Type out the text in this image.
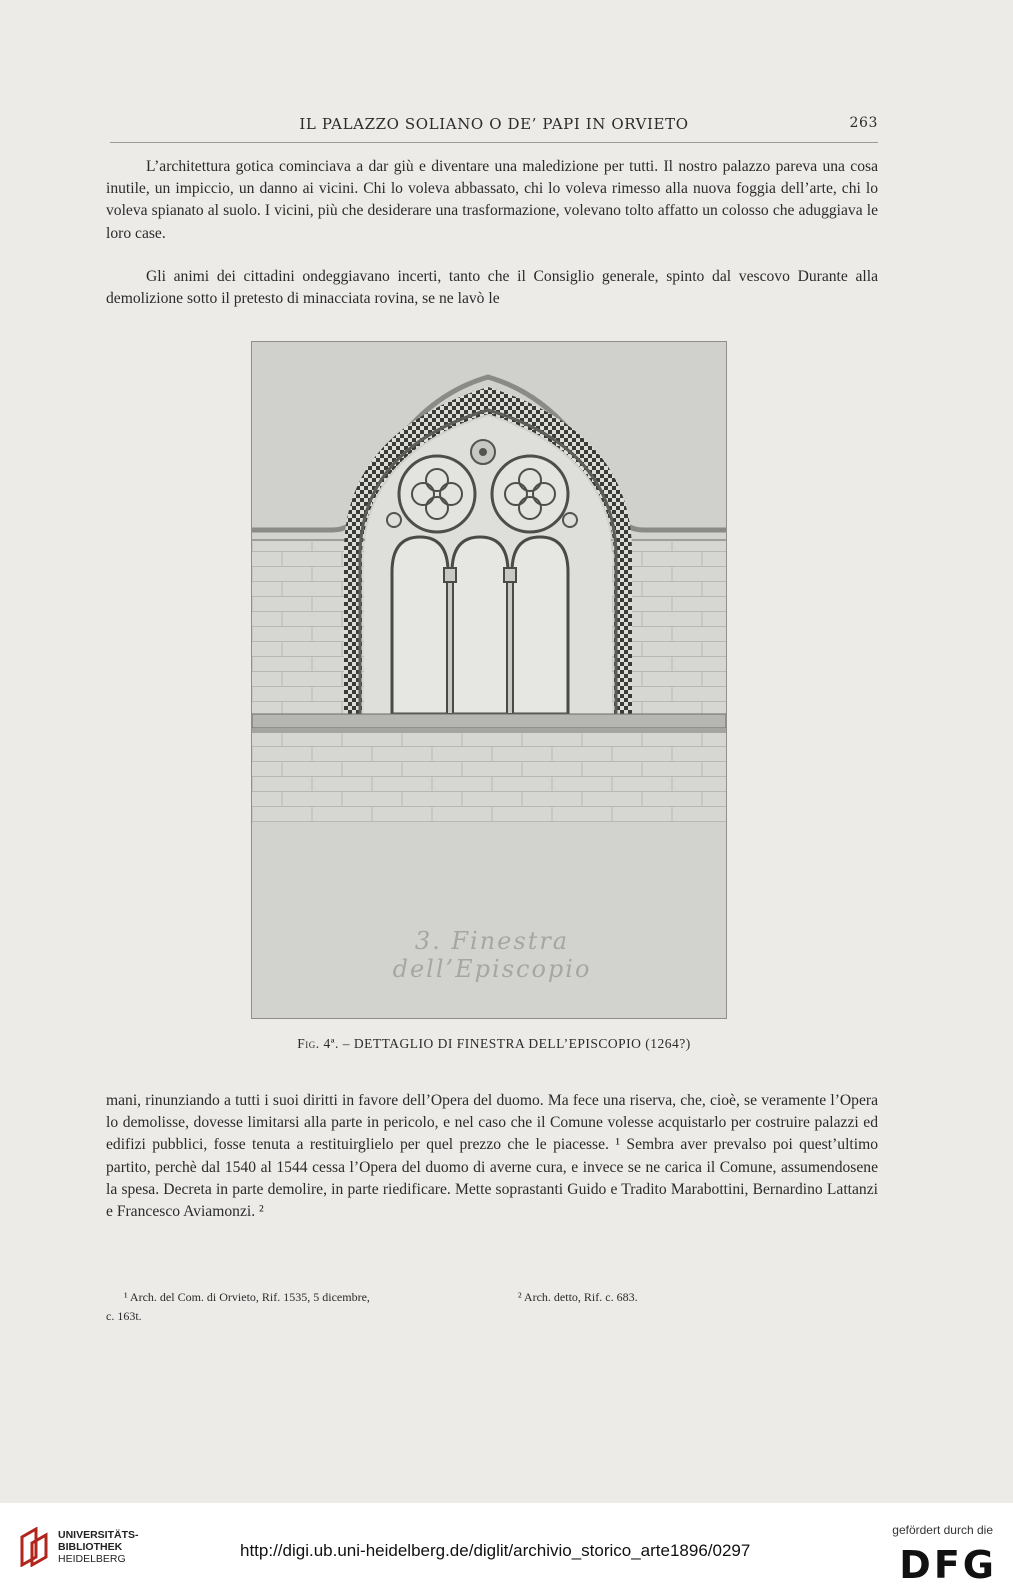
IL PALAZZO SOLIANO O DE’ PAPI IN ORVIETO	263

L’architettura gotica cominciava a dar giù e diventare una maledizione per tutti. Il nostro palazzo pareva una cosa inutile, un impiccio, un danno ai vicini. Chi lo voleva abbassato, chi lo voleva rimesso alla nuova foggia dell’arte, chi lo voleva spianato al suolo. I vicini, più che desiderare una trasformazione, volevano tolto affatto un colosso che aduggiava le loro case.

Gli animi dei cittadini ondeggiavano incerti, tanto che il Consiglio generale, spinto dal vescovo Durante alla demolizione sotto il pretesto di minacciata rovina, se ne lavò le

3. Finestra dell’Episcopio
Fig. 4ª. – DETTAGLIO DI FINESTRA DELL’EPISCOPIO (1264?)

mani, rinunziando a tutti i suoi diritti in favore dell’Opera del duomo. Ma fece una riserva, che, cioè, se veramente l’Opera lo demolisse, dovesse limitarsi alla parte in pericolo, e nel caso che il Comune volesse acquistarlo per costruire palazzi ed edifizi pubblici, fosse tenuta a restituirglielo per quel prezzo che le piacesse. ¹ Sembra aver prevalso poi quest’ultimo partito, perchè dal 1540 al 1544 cessa l’Opera del duomo di averne cura, e invece se ne carica il Comune, assumendosene la spesa. Decreta in parte demolire, in parte riedificare. Mette soprastanti Guido e Tradito Marabottini, Bernardino Lattanzi e Francesco Aviamonzi. ²

¹ Arch. del Com. di Orvieto, Rif. 1535, 5 dicembre,	² Arch. detto, Rif. c. 683.
c. 163t.
UNIVERSITÄTS-
BIBLIOTHEK
HEIDELBERG	http://digi.ub.uni-heidelberg.de/diglit/archivio_storico_arte1896/0297
gefördert durch die
DFG
